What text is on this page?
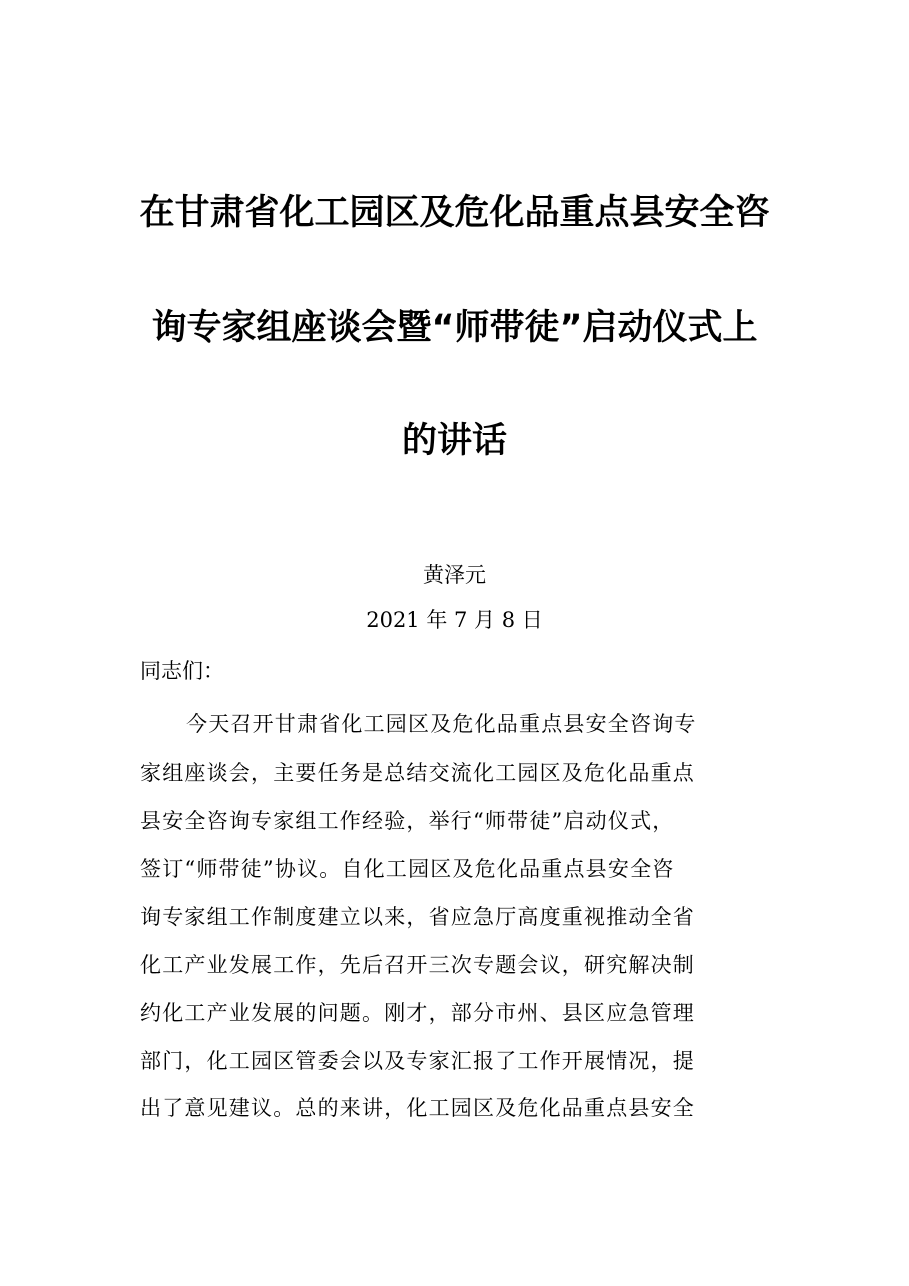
在甘肃省化工园区及危化品重点县安全咨
询专家组座谈会暨“师带徒”启动仪式上
的讲话
黄泽元
2021 年 7 月 8 日
同志们：
今天召开甘肃省化工园区及危化品重点县安全咨询专
家组座谈会，主要任务是总结交流化工园区及危化品重点
县安全咨询专家组工作经验，举行“师带徒”启动仪式，
签订“师带徒”协议。自化工园区及危化品重点县安全咨
询专家组工作制度建立以来，省应急厅高度重视推动全省
化工产业发展工作，先后召开三次专题会议，研究解决制
约化工产业发展的问题。刚才，部分市州、县区应急管理
部门，化工园区管委会以及专家汇报了工作开展情况，提
出了意见建议。总的来讲，化工园区及危化品重点县安全
